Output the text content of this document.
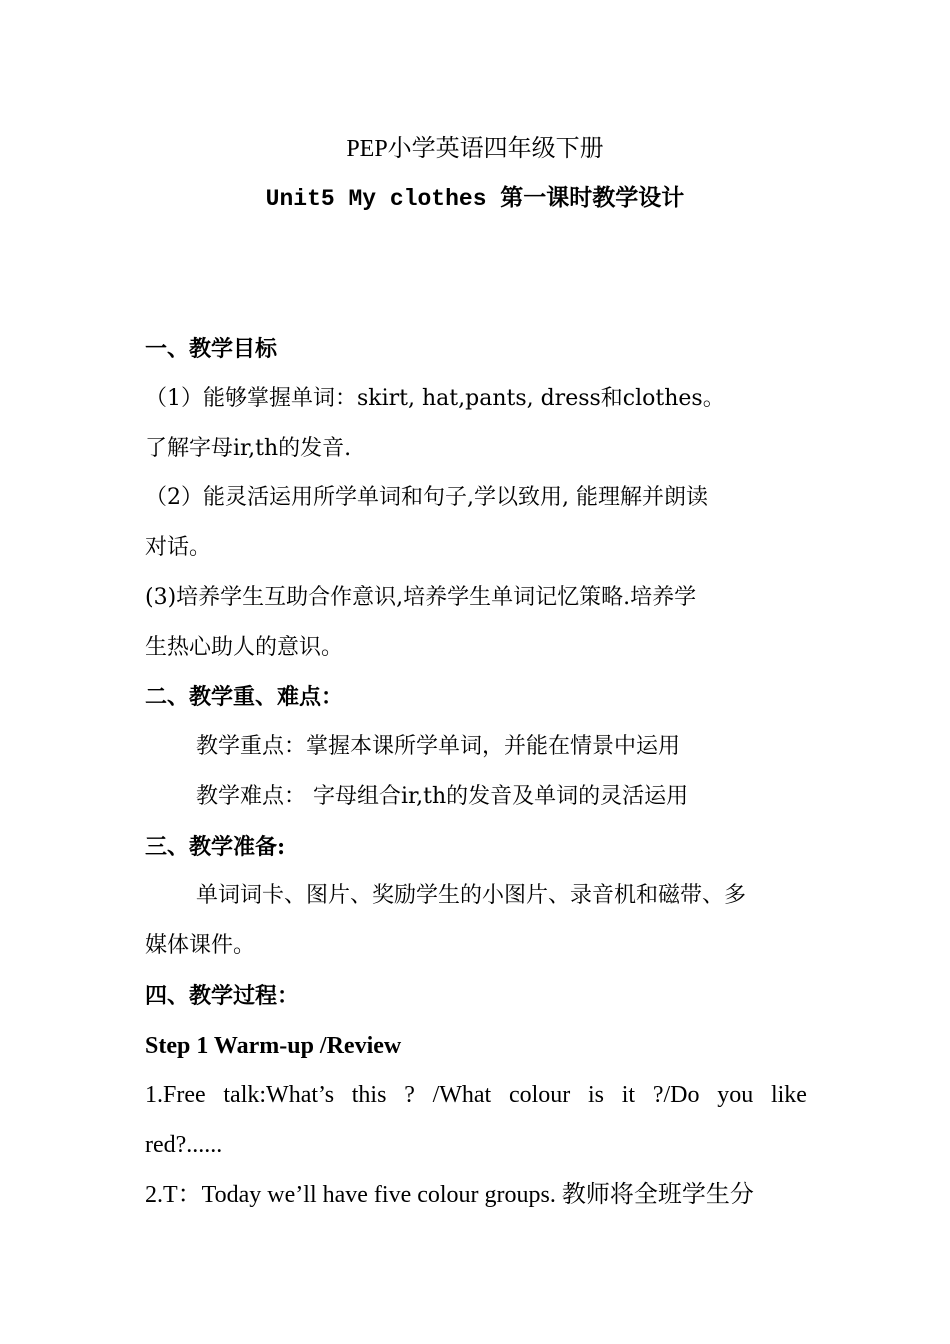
PEP小学英语四年级下册
Unit5 My clothes 第一课时教学设计
一、教学目标
（1）能够掌握单词：skirt, hat,pants, dress和clothes。
了解字母ir,th的发音.
（2）能灵活运用所学单词和句子,学以致用, 能理解并朗读
对话。
(3)培养学生互助合作意识,培养学生单词记忆策略.培养学
生热心助人的意识。
二、教学重、难点：
教学重点：掌握本课所学单词，并能在情景中运用
教学难点： 字母组合ir,th的发音及单词的灵活运用
三、教学准备:
单词词卡、图片、奖励学生的小图片、录音机和磁带、多
媒体课件。
四、教学过程：
Step 1 Warm-up /Review
1.Free talk:What’s this ? /What colour is it ?/Do you like
red?......
2.T：Today we’ll have five colour groups. 教师将全班学生分
